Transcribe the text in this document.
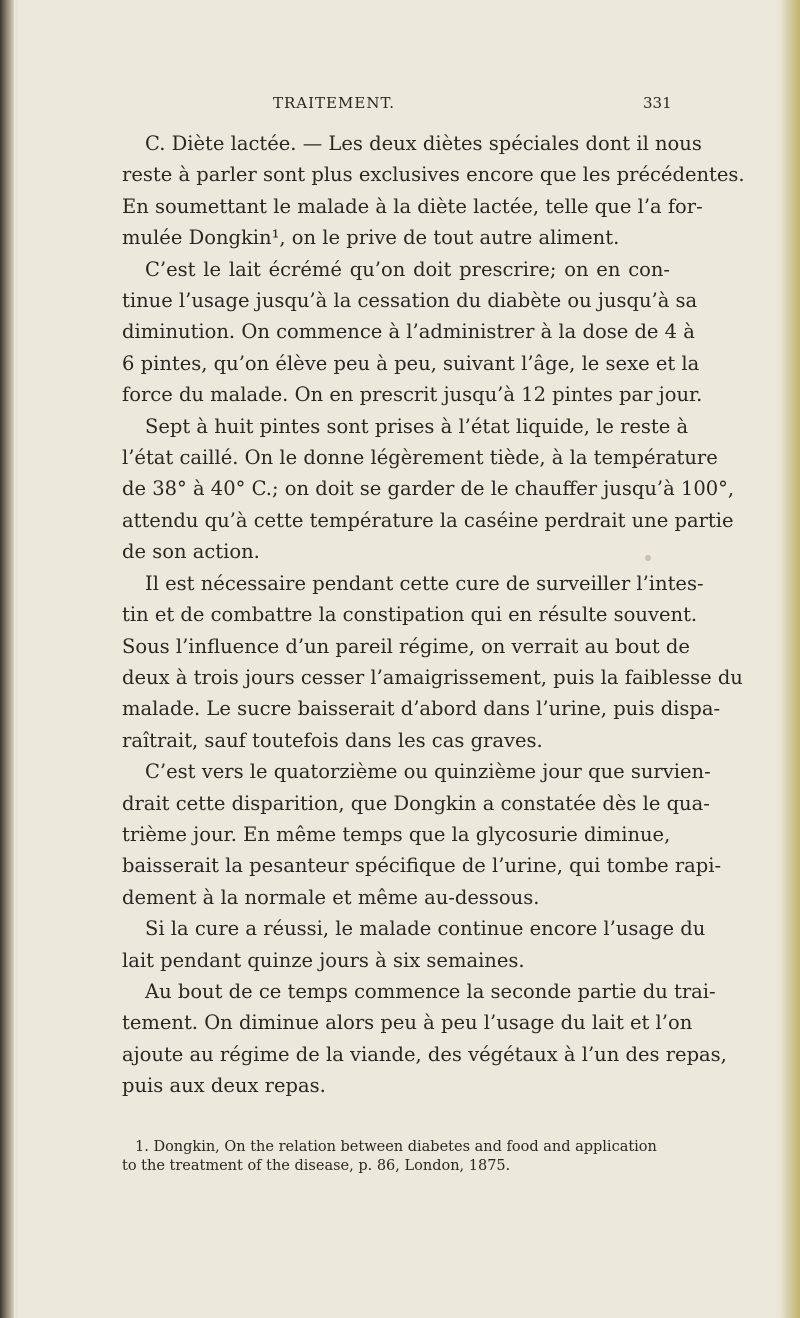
TRAITEMENT.	331
C. Diète lactée. — Les deux diètes spéciales dont il nous
reste à parler sont plus exclusives encore que les précédentes.
En soumettant le malade à la diète lactée, telle que l’a for-
mulée Dongkin¹, on le prive de tout autre aliment.
C’est le lait écrémé qu’on doit prescrire; on en con-
tinue l’usage jusqu’à la cessation du diabète ou jusqu’à sa
diminution. On commence à l’administrer à la dose de 4 à
6 pintes, qu’on élève peu à peu, suivant l’âge, le sexe et la
force du malade. On en prescrit jusqu’à 12 pintes par jour.
Sept à huit pintes sont prises à l’état liquide, le reste à
l’état caillé. On le donne légèrement tiède, à la température
de 38° à 40° C.; on doit se garder de le chauffer jusqu’à 100°,
attendu qu’à cette température la caséine perdrait une partie
de son action.
Il est nécessaire pendant cette cure de surveiller l’intes-
tin et de combattre la constipation qui en résulte souvent.
Sous l’influence d’un pareil régime, on verrait au bout de
deux à trois jours cesser l’amaigrissement, puis la faiblesse du
malade. Le sucre baisserait d’abord dans l’urine, puis dispa-
raîtrait, sauf toutefois dans les cas graves.
C’est vers le quatorzième ou quinzième jour que survien-
drait cette disparition, que Dongkin a constatée dès le qua-
trième jour. En même temps que la glycosurie diminue,
baisserait la pesanteur spécifique de l’urine, qui tombe rapi-
dement à la normale et même au-dessous.
Si la cure a réussi, le malade continue encore l’usage du
lait pendant quinze jours à six semaines.
Au bout de ce temps commence la seconde partie du trai-
tement. On diminue alors peu à peu l’usage du lait et l’on
ajoute au régime de la viande, des végétaux à l’un des repas,
puis aux deux repas.
1. Dongkin, On the relation between diabetes and food and application
to the treatment of the disease, p. 86, London, 1875.
